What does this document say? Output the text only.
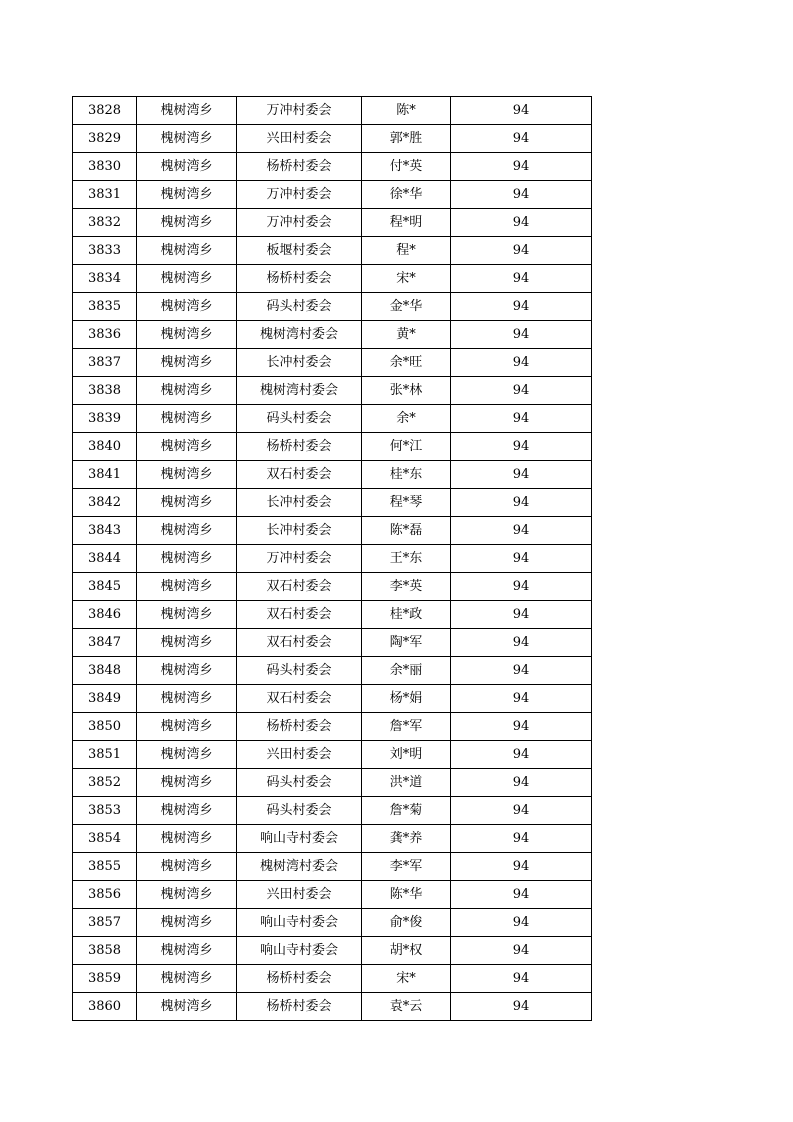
3828	槐树湾乡	万冲村委会	陈*	94
3829	槐树湾乡	兴田村委会	郭*胜	94
3830	槐树湾乡	杨桥村委会	付*英	94
3831	槐树湾乡	万冲村委会	徐*华	94
3832	槐树湾乡	万冲村委会	程*明	94
3833	槐树湾乡	板堰村委会	程*	94
3834	槐树湾乡	杨桥村委会	宋*	94
3835	槐树湾乡	码头村委会	金*华	94
3836	槐树湾乡	槐树湾村委会	黄*	94
3837	槐树湾乡	长冲村委会	余*旺	94
3838	槐树湾乡	槐树湾村委会	张*林	94
3839	槐树湾乡	码头村委会	余*	94
3840	槐树湾乡	杨桥村委会	何*江	94
3841	槐树湾乡	双石村委会	桂*东	94
3842	槐树湾乡	长冲村委会	程*琴	94
3843	槐树湾乡	长冲村委会	陈*磊	94
3844	槐树湾乡	万冲村委会	王*东	94
3845	槐树湾乡	双石村委会	李*英	94
3846	槐树湾乡	双石村委会	桂*政	94
3847	槐树湾乡	双石村委会	陶*军	94
3848	槐树湾乡	码头村委会	余*丽	94
3849	槐树湾乡	双石村委会	杨*娟	94
3850	槐树湾乡	杨桥村委会	詹*军	94
3851	槐树湾乡	兴田村委会	刘*明	94
3852	槐树湾乡	码头村委会	洪*道	94
3853	槐树湾乡	码头村委会	詹*菊	94
3854	槐树湾乡	响山寺村委会	龚*养	94
3855	槐树湾乡	槐树湾村委会	李*军	94
3856	槐树湾乡	兴田村委会	陈*华	94
3857	槐树湾乡	响山寺村委会	俞*俊	94
3858	槐树湾乡	响山寺村委会	胡*权	94
3859	槐树湾乡	杨桥村委会	宋*	94
3860	槐树湾乡	杨桥村委会	袁*云	94
